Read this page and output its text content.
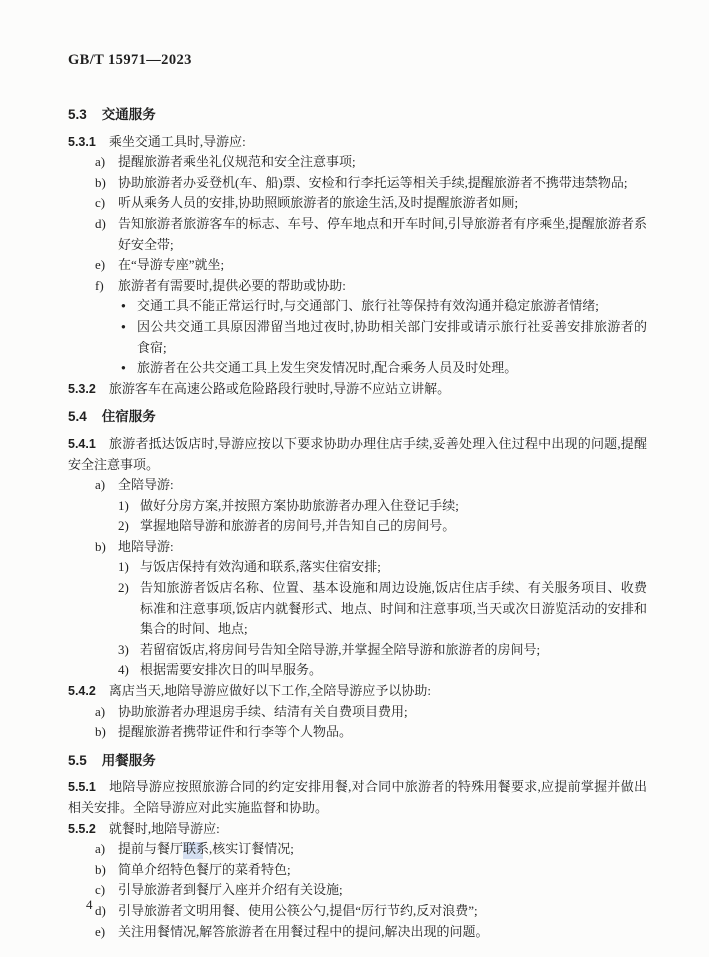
GB/T 15971—2023
5.3 交通服务

5.3.1 乘坐交通工具时,导游应:

a) 提醒旅游者乘坐礼仪规范和安全注意事项;
b) 协助旅游者办妥登机(车、船)票、安检和行李托运等相关手续,提醒旅游者不携带违禁物品;
c) 听从乘务人员的安排,协助照顾旅游者的旅途生活,及时提醒旅游者如厕;
d) 告知旅游者旅游客车的标志、车号、停车地点和开车时间,引导旅游者有序乘坐,提醒旅游者系好安全带;
e) 在“导游专座”就坐;
f) 旅游者有需要时,提供必要的帮助或协助:
● 交通工具不能正常运行时,与交通部门、旅行社等保持有效沟通并稳定旅游者情绪;
● 因公共交通工具原因滞留当地过夜时,协助相关部门安排或请示旅行社妥善安排旅游者的食宿;
● 旅游者在公共交通工具上发生突发情况时,配合乘务人员及时处理。

5.3.2 旅游客车在高速公路或危险路段行驶时,导游不应站立讲解。

5.4 住宿服务

5.4.1 旅游者抵达饭店时,导游应按以下要求协助办理住店手续,妥善处理入住过程中出现的问题,提醒安全注意事项。

a) 全陪导游:
1) 做好分房方案,并按照方案协助旅游者办理入住登记手续;
2) 掌握地陪导游和旅游者的房间号,并告知自己的房间号。
b) 地陪导游:
1) 与饭店保持有效沟通和联系,落实住宿安排;
2) 告知旅游者饭店名称、位置、基本设施和周边设施,饭店住店手续、有关服务项目、收费标准和注意事项,饭店内就餐形式、地点、时间和注意事项,当天或次日游览活动的安排和集合的时间、地点;
3) 若留宿饭店,将房间号告知全陪导游,并掌握全陪导游和旅游者的房间号;
4) 根据需要安排次日的叫早服务。

5.4.2 离店当天,地陪导游应做好以下工作,全陪导游应予以协助:

a) 协助旅游者办理退房手续、结清有关自费项目费用;
b) 提醒旅游者携带证件和行李等个人物品。
5.5 用餐服务

5.5.1 地陪导游应按照旅游合同的约定安排用餐,对合同中旅游者的特殊用餐要求,应提前掌握并做出相关安排。全陪导游应对此实施监督和协助。

5.5.2 就餐时,地陪导游应:

a) 提前与餐厅联系,核实订餐情况;
b) 简单介绍特色餐厅的菜肴特色;
c) 引导旅游者到餐厅入座并介绍有关设施;
d) 引导旅游者文明用餐、使用公筷公勺,提倡“厉行节约,反对浪费”;
e) 关注用餐情况,解答旅游者在用餐过程中的提问,解决出现的问题。
4
